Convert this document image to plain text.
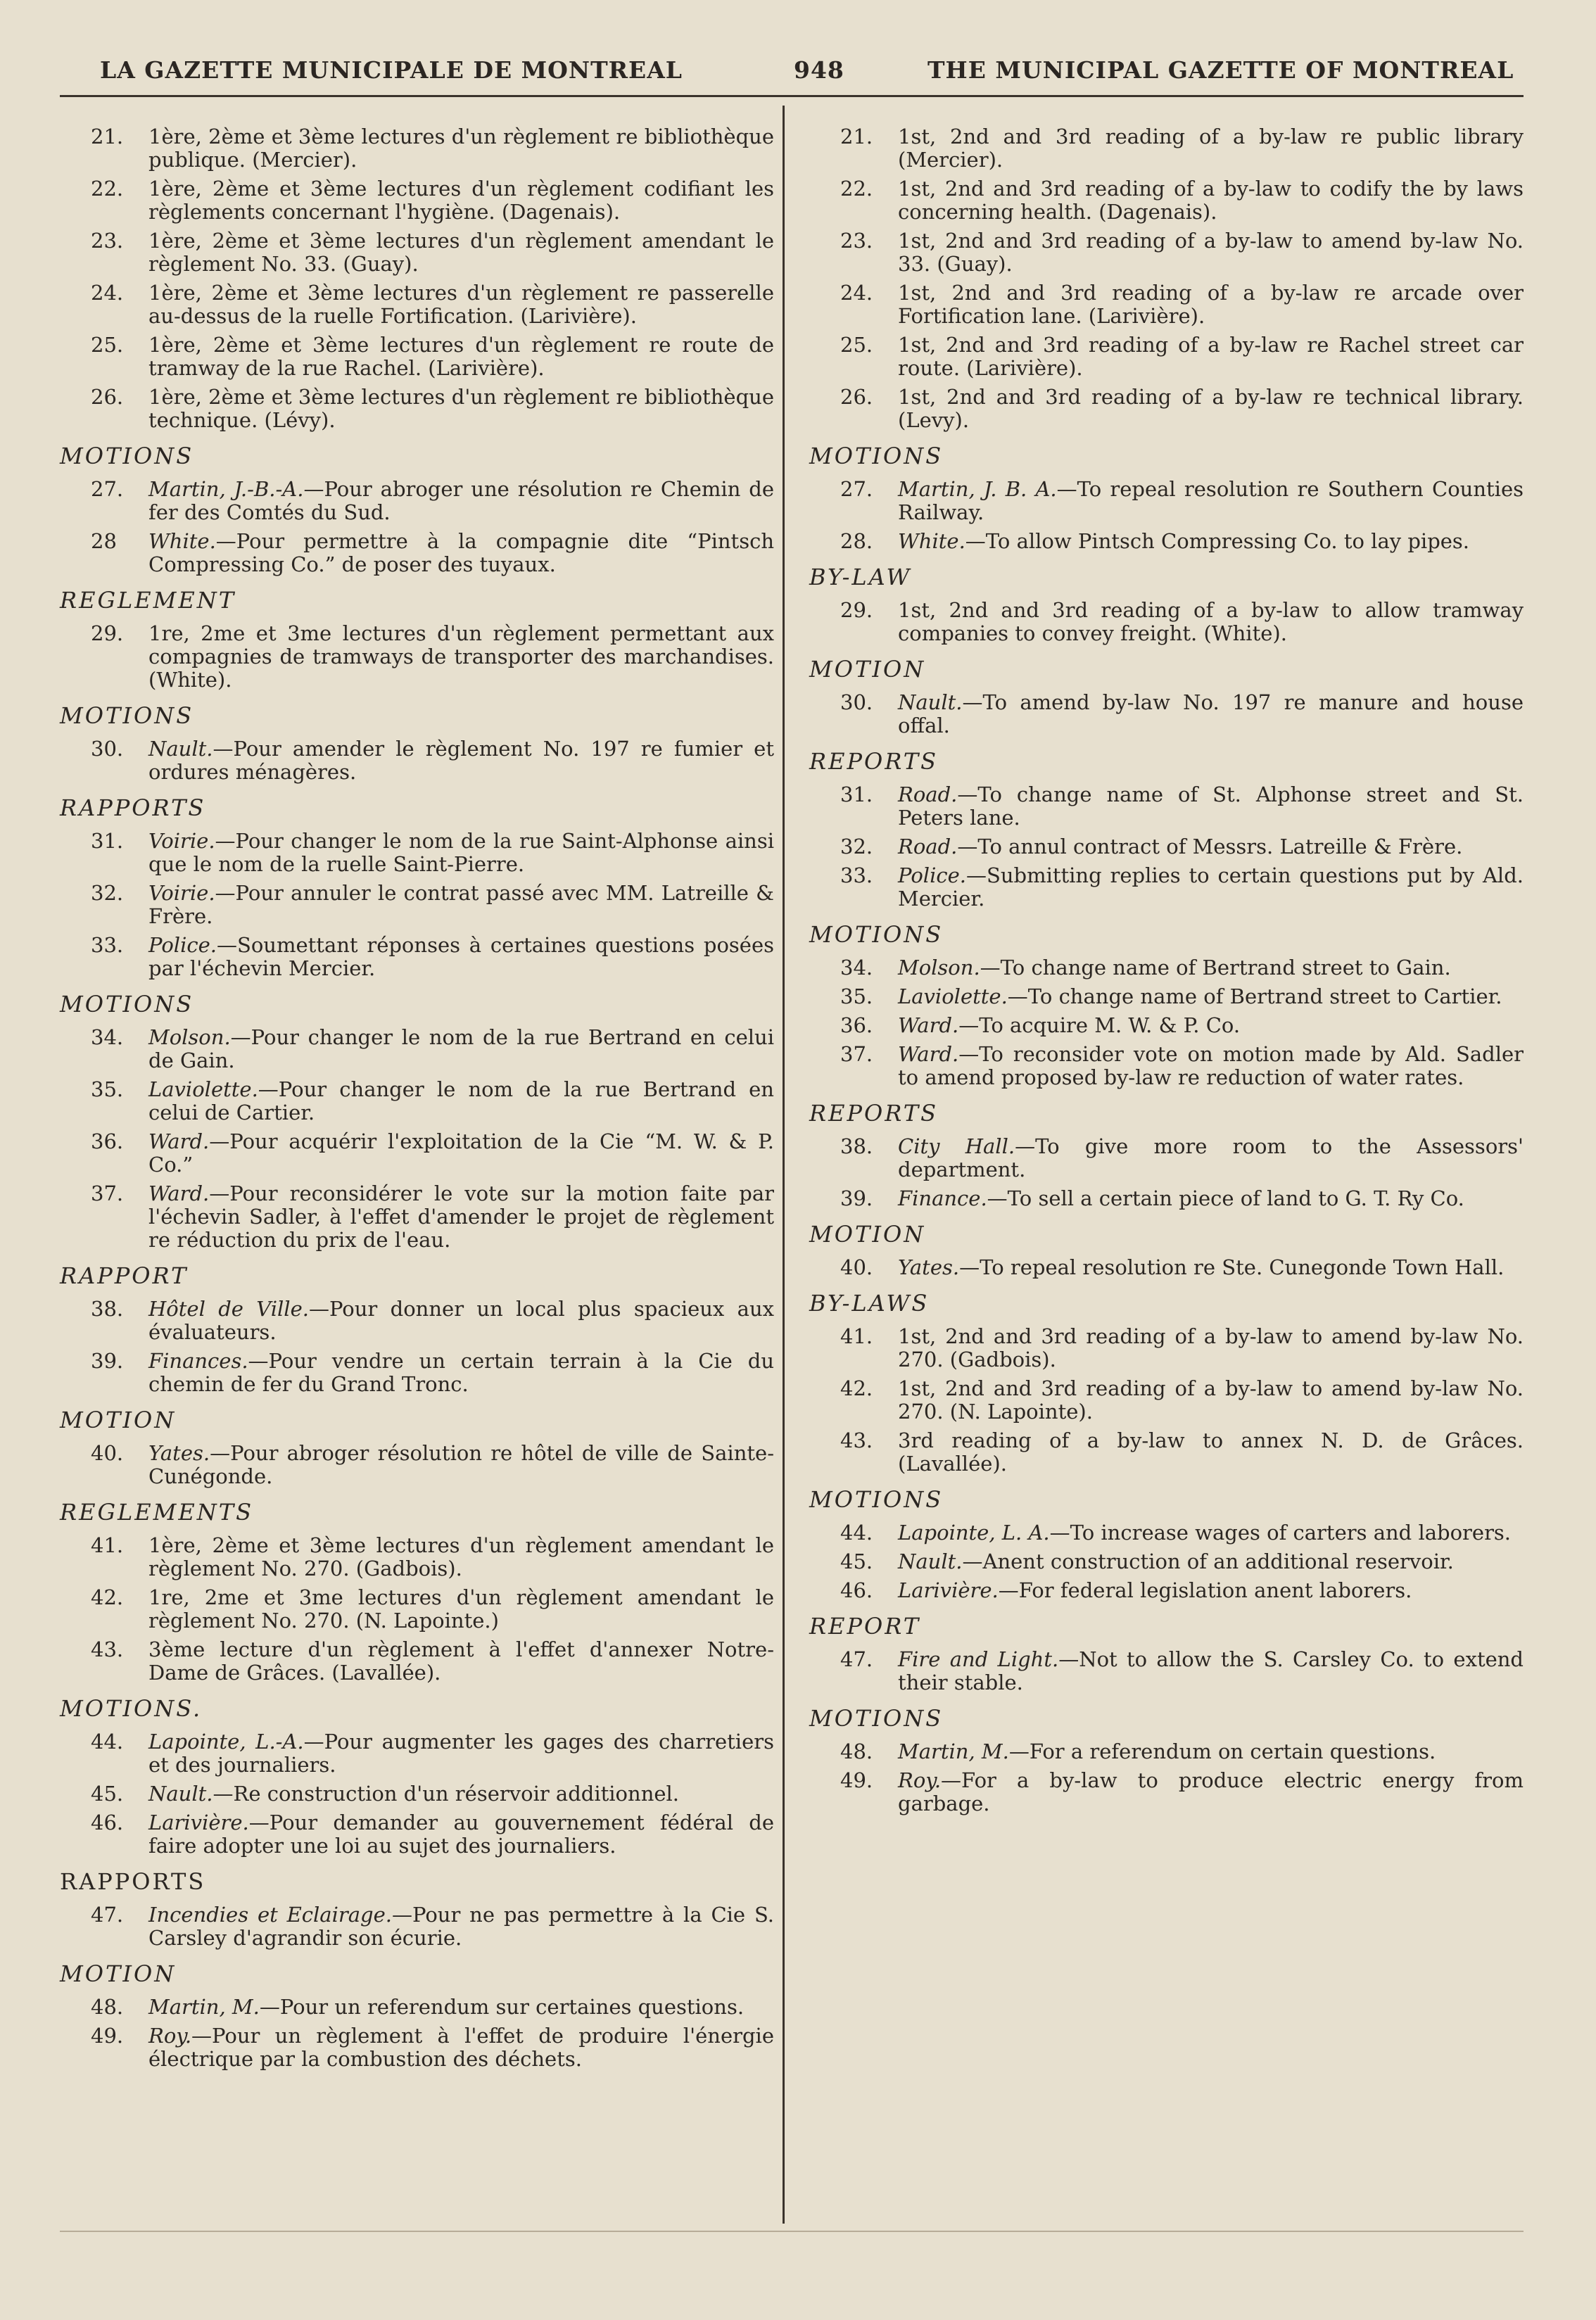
LA GAZETTE MUNICIPALE DE MONTREAL	948	THE MUNICIPAL GAZETTE OF MONTREAL
21. 1ère, 2ème et 3ème lectures d'un règlement re bibliothèque publique. (Mercier).
22. 1ère, 2ème et 3ème lectures d'un règlement codifiant les règlements concernant l'hygiène. (Dagenais).
23. 1ère, 2ème et 3ème lectures d'un règlement amendant le règlement No. 33. (Guay).
24. 1ère, 2ème et 3ème lectures d'un règlement re passerelle au-dessus de la ruelle Fortification. (Larivière).
25. 1ère, 2ème et 3ème lectures d'un règlement re route de tramway de la rue Rachel. (Larivière).
26. 1ère, 2ème et 3ème lectures d'un règlement re bibliothèque technique. (Lévy).
MOTIONS
27. Martin, J.-B.-A.—Pour abroger une résolution re Chemin de fer des Comtés du Sud.
28 White.—Pour permettre à la compagnie dite “Pintsch Compressing Co.” de poser des tuyaux.
REGLEMENT
29. 1re, 2me et 3me lectures d'un règlement permettant aux compagnies de tramways de transporter des marchandises. (White).
MOTIONS
30. Nault.—Pour amender le règlement No. 197 re fumier et ordures ménagères.
RAPPORTS
31. Voirie.—Pour changer le nom de la rue Saint-Alphonse ainsi que le nom de la ruelle Saint-Pierre.
32. Voirie.—Pour annuler le contrat passé avec MM. Latreille & Frère.
33. Police.—Soumettant réponses à certaines questions posées par l'échevin Mercier.
MOTIONS
34. Molson.—Pour changer le nom de la rue Bertrand en celui de Gain.
35. Laviolette.—Pour changer le nom de la rue Bertrand en celui de Cartier.
36. Ward.—Pour acquérir l'exploitation de la Cie “M. W. & P. Co.”
37. Ward.—Pour reconsidérer le vote sur la motion faite par l'échevin Sadler, à l'effet d'amender le projet de règlement re réduction du prix de l'eau.
RAPPORT
38. Hôtel de Ville.—Pour donner un local plus spacieux aux évaluateurs.
39. Finances.—Pour vendre un certain terrain à la Cie du chemin de fer du Grand Tronc.
MOTION
40. Yates.—Pour abroger résolution re hôtel de ville de Sainte-Cunégonde.
REGLEMENTS
41. 1ère, 2ème et 3ème lectures d'un règlement amendant le règlement No. 270. (Gadbois).
42. 1re, 2me et 3me lectures d'un règlement amendant le règlement No. 270. (N. Lapointe.)
43. 3ème lecture d'un règlement à l'effet d'annexer Notre-Dame de Grâces. (Lavallée).
MOTIONS.
44. Lapointe, L.-A.—Pour augmenter les gages des charretiers et des journaliers.
45. Nault.—Re construction d'un réservoir additionnel.
46. Larivière.—Pour demander au gouvernement fédéral de faire adopter une loi au sujet des journaliers.
RAPPORTS
47. Incendies et Eclairage.—Pour ne pas permettre à la Cie S. Carsley d'agrandir son écurie.
MOTION
48. Martin, M.—Pour un referendum sur certaines questions.
49. Roy.—Pour un règlement à l'effet de produire l'énergie électrique par la combustion des déchets.
21. 1st, 2nd and 3rd reading of a by-law re public library (Mercier).
22. 1st, 2nd and 3rd reading of a by-law to codify the by laws concerning health. (Dagenais).
23. 1st, 2nd and 3rd reading of a by-law to amend by-law No. 33. (Guay).
24. 1st, 2nd and 3rd reading of a by-law re arcade over Fortification lane. (Larivière).
25. 1st, 2nd and 3rd reading of a by-law re Rachel street car route. (Larivière).
26. 1st, 2nd and 3rd reading of a by-law re technical library. (Levy).
MOTIONS
27. Martin, J. B. A.—To repeal resolution re Southern Counties Railway.
28. White.—To allow Pintsch Compressing Co. to lay pipes.
BY-LAW
29. 1st, 2nd and 3rd reading of a by-law to allow tramway companies to convey freight. (White).
MOTION
30. Nault.—To amend by-law No. 197 re manure and house offal.
REPORTS
31. Road.—To change name of St. Alphonse street and St. Peters lane.
32. Road.—To annul contract of Messrs. Latreille & Frère.
33. Police.—Submitting replies to certain questions put by Ald. Mercier.
MOTIONS
34. Molson.—To change name of Bertrand street to Gain.
35. Laviolette.—To change name of Bertrand street to Cartier.
36. Ward.—To acquire M. W. & P. Co.
37. Ward.—To reconsider vote on motion made by Ald. Sadler to amend proposed by-law re reduction of water rates.
REPORTS
38. City Hall.—To give more room to the Assessors' department.
39. Finance.—To sell a certain piece of land to G. T. Ry Co.
MOTION
40. Yates.—To repeal resolution re Ste. Cunegonde Town Hall.
BY-LAWS
41. 1st, 2nd and 3rd reading of a by-law to amend by-law No. 270. (Gadbois).
42. 1st, 2nd and 3rd reading of a by-law to amend by-law No. 270. (N. Lapointe).
43. 3rd reading of a by-law to annex N. D. de Grâces. (Lavallée).
MOTIONS
44. Lapointe, L. A.—To increase wages of carters and laborers.
45. Nault.—Anent construction of an additional reservoir.
46. Larivière.—For federal legislation anent laborers.
REPORT
47. Fire and Light.—Not to allow the S. Carsley Co. to extend their stable.
MOTIONS
48. Martin, M.—For a referendum on certain questions.
49. Roy.—For a by-law to produce electric energy from garbage.
